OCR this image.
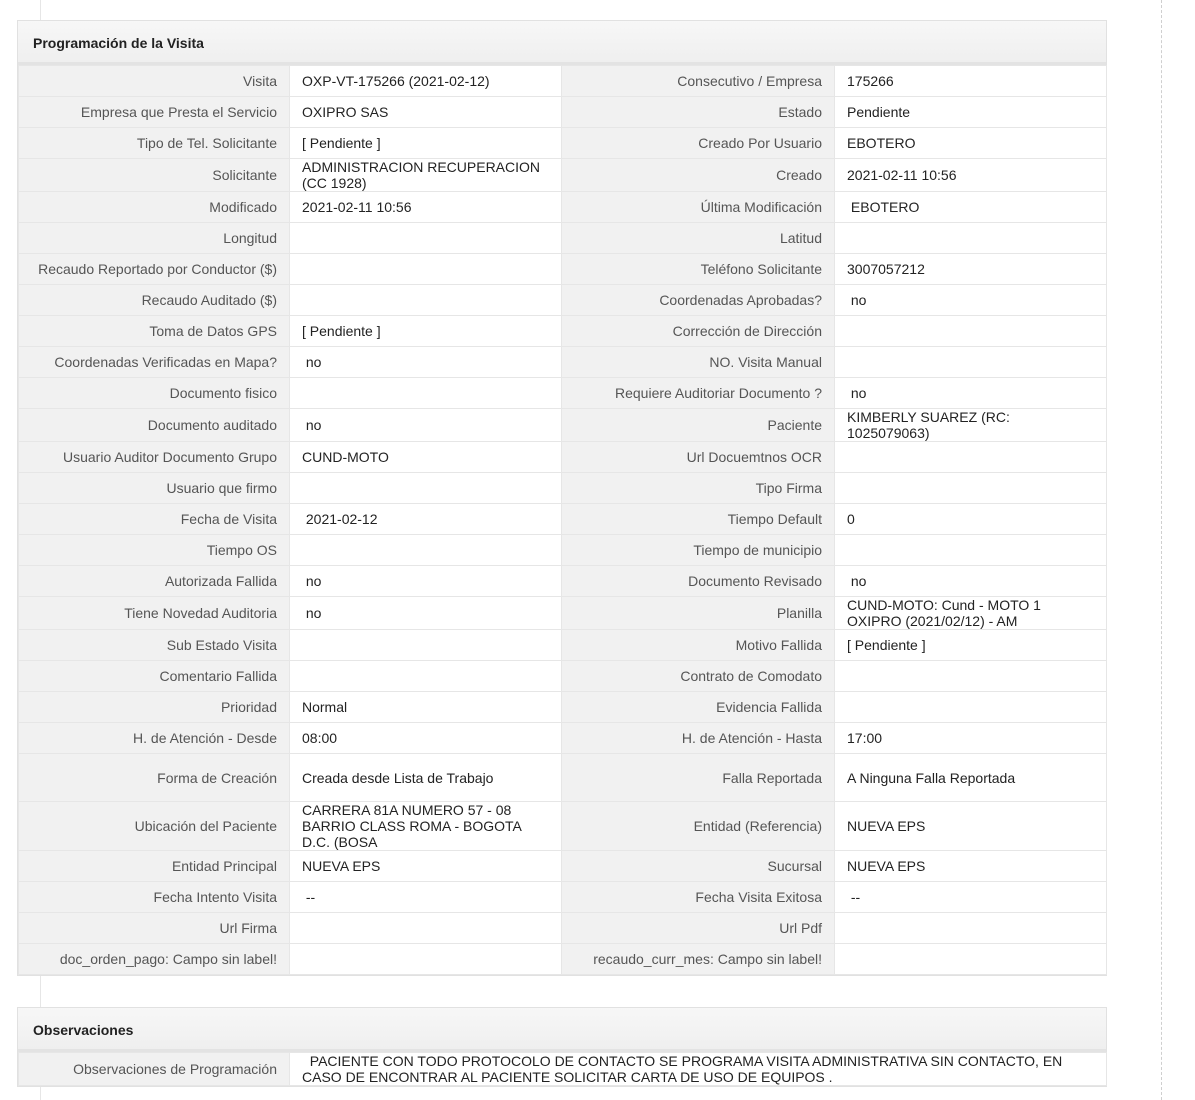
Programación de la Visita
Visita	OXP-VT-175266 (2021-02-12)	Consecutivo / Empresa	175266
Empresa que Presta el Servicio	OXIPRO SAS	Estado	Pendiente
Tipo de Tel. Solicitante	[ Pendiente ]	Creado Por Usuario	EBOTERO
Solicitante	ADMINISTRACION RECUPERACION (CC 1928)	Creado	2021-02-11 10:56
Modificado	2021-02-11 10:56	Última Modificación	EBOTERO
Longitud		Latitud	
Recaudo Reportado por Conductor ($)		Teléfono Solicitante	3007057212
Recaudo Auditado ($)		Coordenadas Aprobadas?	no
Toma de Datos GPS	[ Pendiente ]	Corrección de Dirección	
Coordenadas Verificadas en Mapa?	no	NO. Visita Manual	
Documento fisico		Requiere Auditoriar Documento ?	no
Documento auditado	no	Paciente	KIMBERLY SUAREZ (RC: 1025079063)
Usuario Auditor Documento Grupo	CUND-MOTO	Url Docuemtnos OCR	
Usuario que firmo		Tipo Firma	
Fecha de Visita	2021-02-12	Tiempo Default	0
Tiempo OS		Tiempo de municipio	
Autorizada Fallida	no	Documento Revisado	no
Tiene Novedad Auditoria	no	Planilla	CUND-MOTO: Cund - MOTO 1 OXIPRO (2021/02/12) - AM
Sub Estado Visita		Motivo Fallida	[ Pendiente ]
Comentario Fallida		Contrato de Comodato	
Prioridad	Normal	Evidencia Fallida	
H. de Atención - Desde	08:00	H. de Atención - Hasta	17:00
Forma de Creación	Creada desde Lista de Trabajo	Falla Reportada	A Ninguna Falla Reportada
Ubicación del Paciente	CARRERA 81A NUMERO 57 - 08 BARRIO CLASS ROMA - BOGOTA D.C. (BOSA	Entidad (Referencia)	NUEVA EPS
Entidad Principal	NUEVA EPS	Sucursal	NUEVA EPS
Fecha Intento Visita	--	Fecha Visita Exitosa	--
Url Firma		Url Pdf	
doc_orden_pago: Campo sin label!		recaudo_curr_mes: Campo sin label!	
Observaciones
Observaciones de Programación	PACIENTE CON TODO PROTOCOLO DE CONTACTO SE PROGRAMA VISITA ADMINISTRATIVA SIN CONTACTO, EN CASO DE ENCONTRAR AL PACIENTE SOLICITAR CARTA DE USO DE EQUIPOS .
